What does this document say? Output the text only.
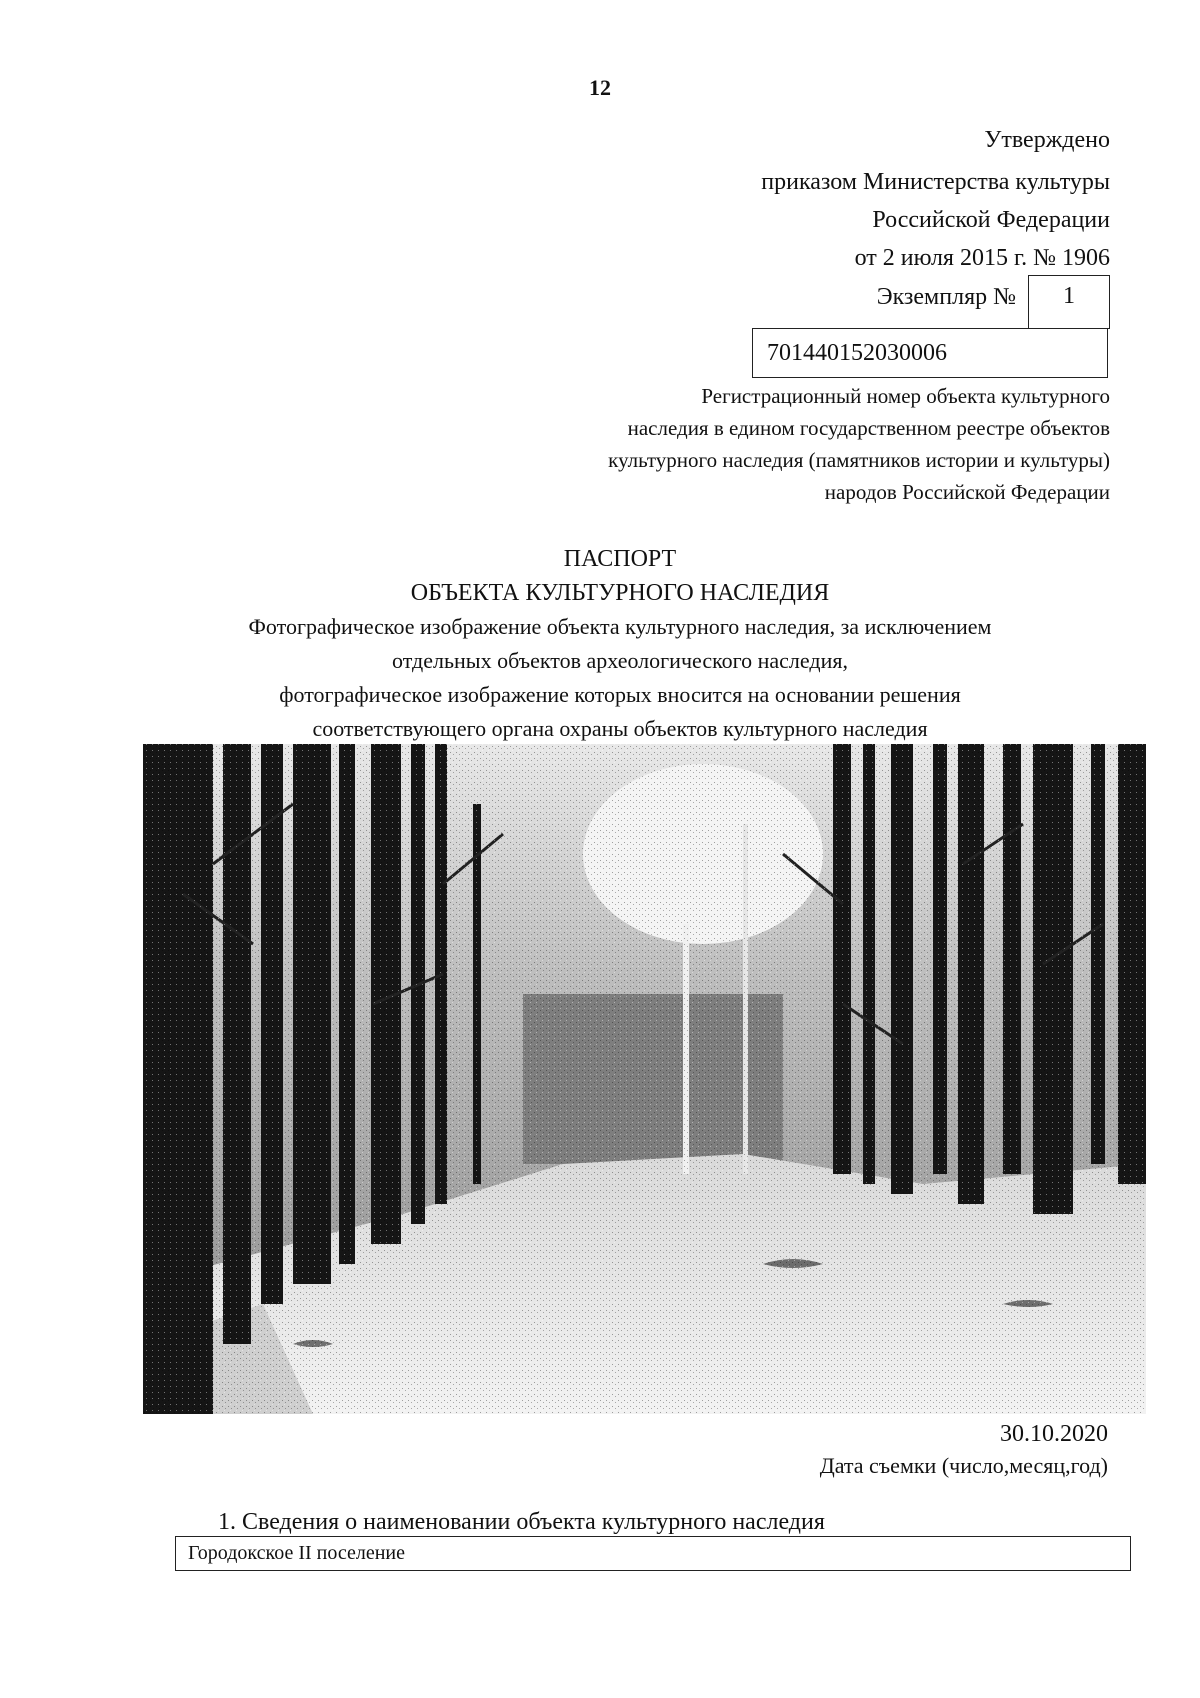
12
Утверждено
приказом Министерства культуры
Российской Федерации
от 2 июля 2015 г. № 1906
Экземпляр №	1
701440152030006
Регистрационный номер объекта культурного
наследия в едином государственном реестре объектов
культурного наследия (памятников истории и культуры)
народов Российской Федерации
ПАСПОРТ
ОБЪЕКТА КУЛЬТУРНОГО НАСЛЕДИЯ
Фотографическое изображение объекта культурного наследия, за исключением
отдельных объектов археологического наследия,
фотографическое изображение которых вносится на основании решения
соответствующего органа охраны объектов культурного наследия
30.10.2020
Дата съемки (число,месяц,год)
1. Сведения о наименовании объекта культурного наследия
Городокское II поселение
